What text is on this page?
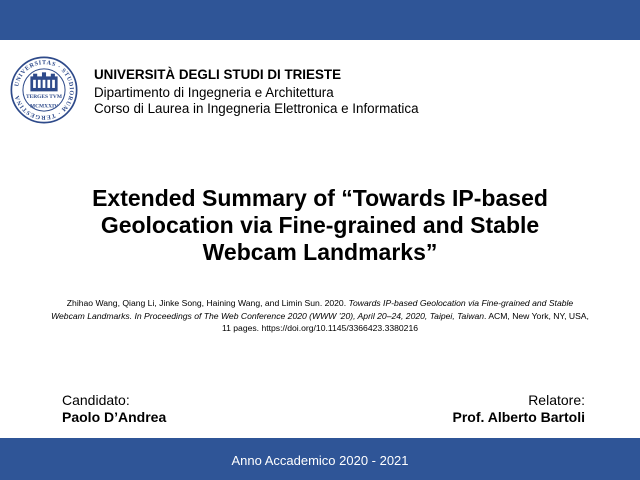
UNIVERSITAS · STUDIORUM · TERGESTINA TERGES TVM
MCMXXIV
UNIVERSITÀ DEGLI STUDI DI TRIESTE
Dipartimento di Ingegneria e Architettura
Corso di Laurea in Ingegneria Elettronica e Informatica
Extended Summary of “Towards IP-based
Geolocation via Fine-grained and Stable
Webcam Landmarks”
Zhihao Wang, Qiang Li, Jinke Song, Haining Wang, and Limin Sun. 2020. Towards IP-based Geolocation via Fine-grained and Stable Webcam Landmarks. In Proceedings of The Web Conference 2020 (WWW ’20), April 20–24, 2020, Taipei, Taiwan. ACM, New York, NY, USA, 11 pages. https://doi.org/10.1145/3366423.3380216
Candidato:
Paolo D’Andrea
Relatore:
Prof. Alberto Bartoli
Anno Accademico 2020 - 2021
